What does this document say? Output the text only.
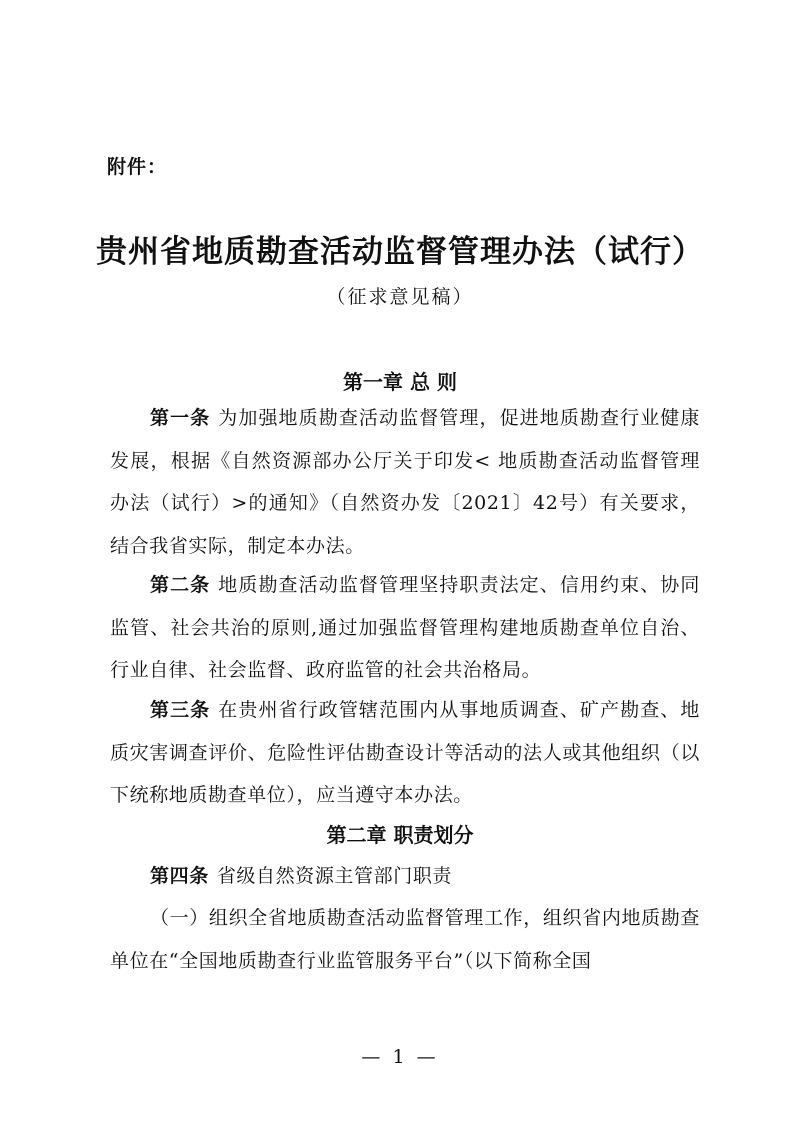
附件：
贵州省地质勘查活动监督管理办法（试行）
（征求意见稿）
第一章 总 则
第一条 为加强地质勘查活动监督管理，促进地质勘查行业健康发展，根据《自然资源部办公厅关于印发< 地质勘查活动监督管理办法（试行）>的通知》（自然资办发〔2021〕42号）有关要求，结合我省实际，制定本办法。
第二条 地质勘查活动监督管理坚持职责法定、信用约束、协同监管、社会共治的原则,通过加强监督管理构建地质勘查单位自治、行业自律、社会监督、政府监管的社会共治格局。
第三条 在贵州省行政管辖范围内从事地质调查、矿产勘查、地质灾害调查评价、危险性评估勘查设计等活动的法人或其他组织（以下统称地质勘查单位），应当遵守本办法。
第二章 职责划分
第四条 省级自然资源主管部门职责
（一）组织全省地质勘查活动监督管理工作，组织省内地质勘查单位在“全国地质勘查行业监管服务平台”（以下简称全国
— 1 —
